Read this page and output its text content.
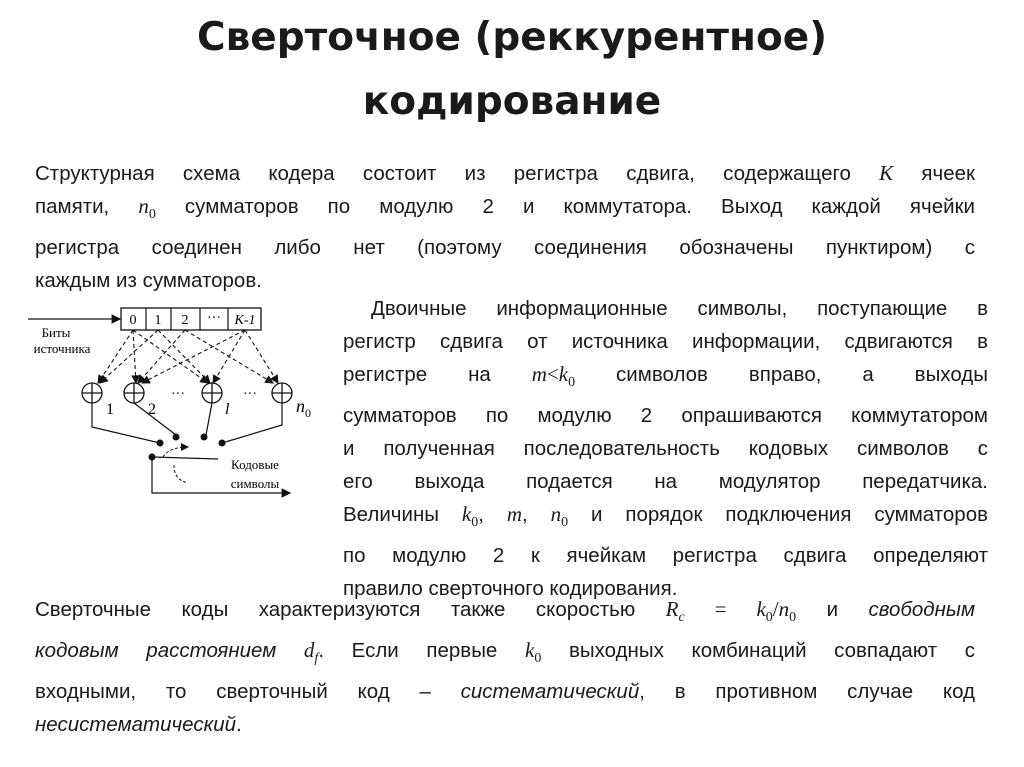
Сверточное (реккурентное)
кодирование
Структурная схема кодера состоит из регистра сдвига, содержащего K ячеек
памяти, $n_0$ сумматоров по модулю 2 и коммутатора. Выход каждой ячейки
регистра соединен либо нет (поэтому соединения обозначены пунктиром) с
каждым из сумматоров.
0 1 2 ··· K-1
Биты
источника
1 2	l	$n_0$
···	···
Кодовые
символы
Двоичные информационные символы, поступающие в
регистр сдвига от источника информации, сдвигаются в
регистре на $m<k_0$ символов вправо, а выходы
сумматоров по модулю 2 опрашиваются коммутатором
и полученная последовательность кодовых символов с
его выхода подается на модулятор передатчика.
Величины $k_0$, m, $n_0$ и порядок подключения сумматоров
по модулю 2 к ячейкам регистра сдвига определяют
правило сверточного кодирования.
Сверточные коды характеризуются также скоростью $R_c = k_0/n_0$ и свободным
кодовым расстоянием $d_f$. Если первые $k_0$ выходных комбинаций совпадают с
входными, то сверточный код – систематический, в противном случае код
несистематический.
